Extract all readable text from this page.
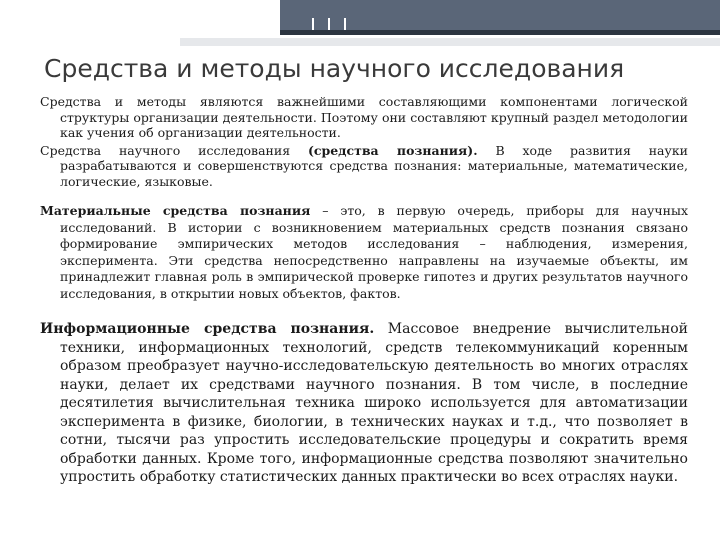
Средства и методы научного исследования

Средства и методы являются важнейшими составляющими компонентами логической структуры организации деятельности. Поэтому они составляют крупный раздел методологии как учения об организации деятельности.

Средства научного исследования (средства познания). В ходе развития науки разрабатываются и совершенствуются средства познания: материальные, математические, логические, языковые.

Материальные средства познания – это, в первую очередь, приборы для научных исследований. В истории с возникновением материальных средств познания связано формирование эмпирических методов исследования – наблюдения, измерения, эксперимента. Эти средства непосредственно направлены на изучаемые объекты, им принадлежит главная роль в эмпирической проверке гипотез и других результатов научного исследования, в открытии новых объектов, фактов.

Информационные средства познания. Массовое внедрение вычислительной техники, информационных технологий, средств телекоммуникаций коренным образом преобразует научно-исследовательскую деятельность во многих отраслях науки, делает их средствами научного познания. В том числе, в последние десятилетия вычислительная техника широко используется для автоматизации эксперимента в физике, биологии, в технических науках и т.д., что позволяет в сотни, тысячи раз упростить исследовательские процедуры и сократить время обработки данных. Кроме того, информационные средства позволяют значительно упростить обработку статистических данных практически во всех отраслях науки.
